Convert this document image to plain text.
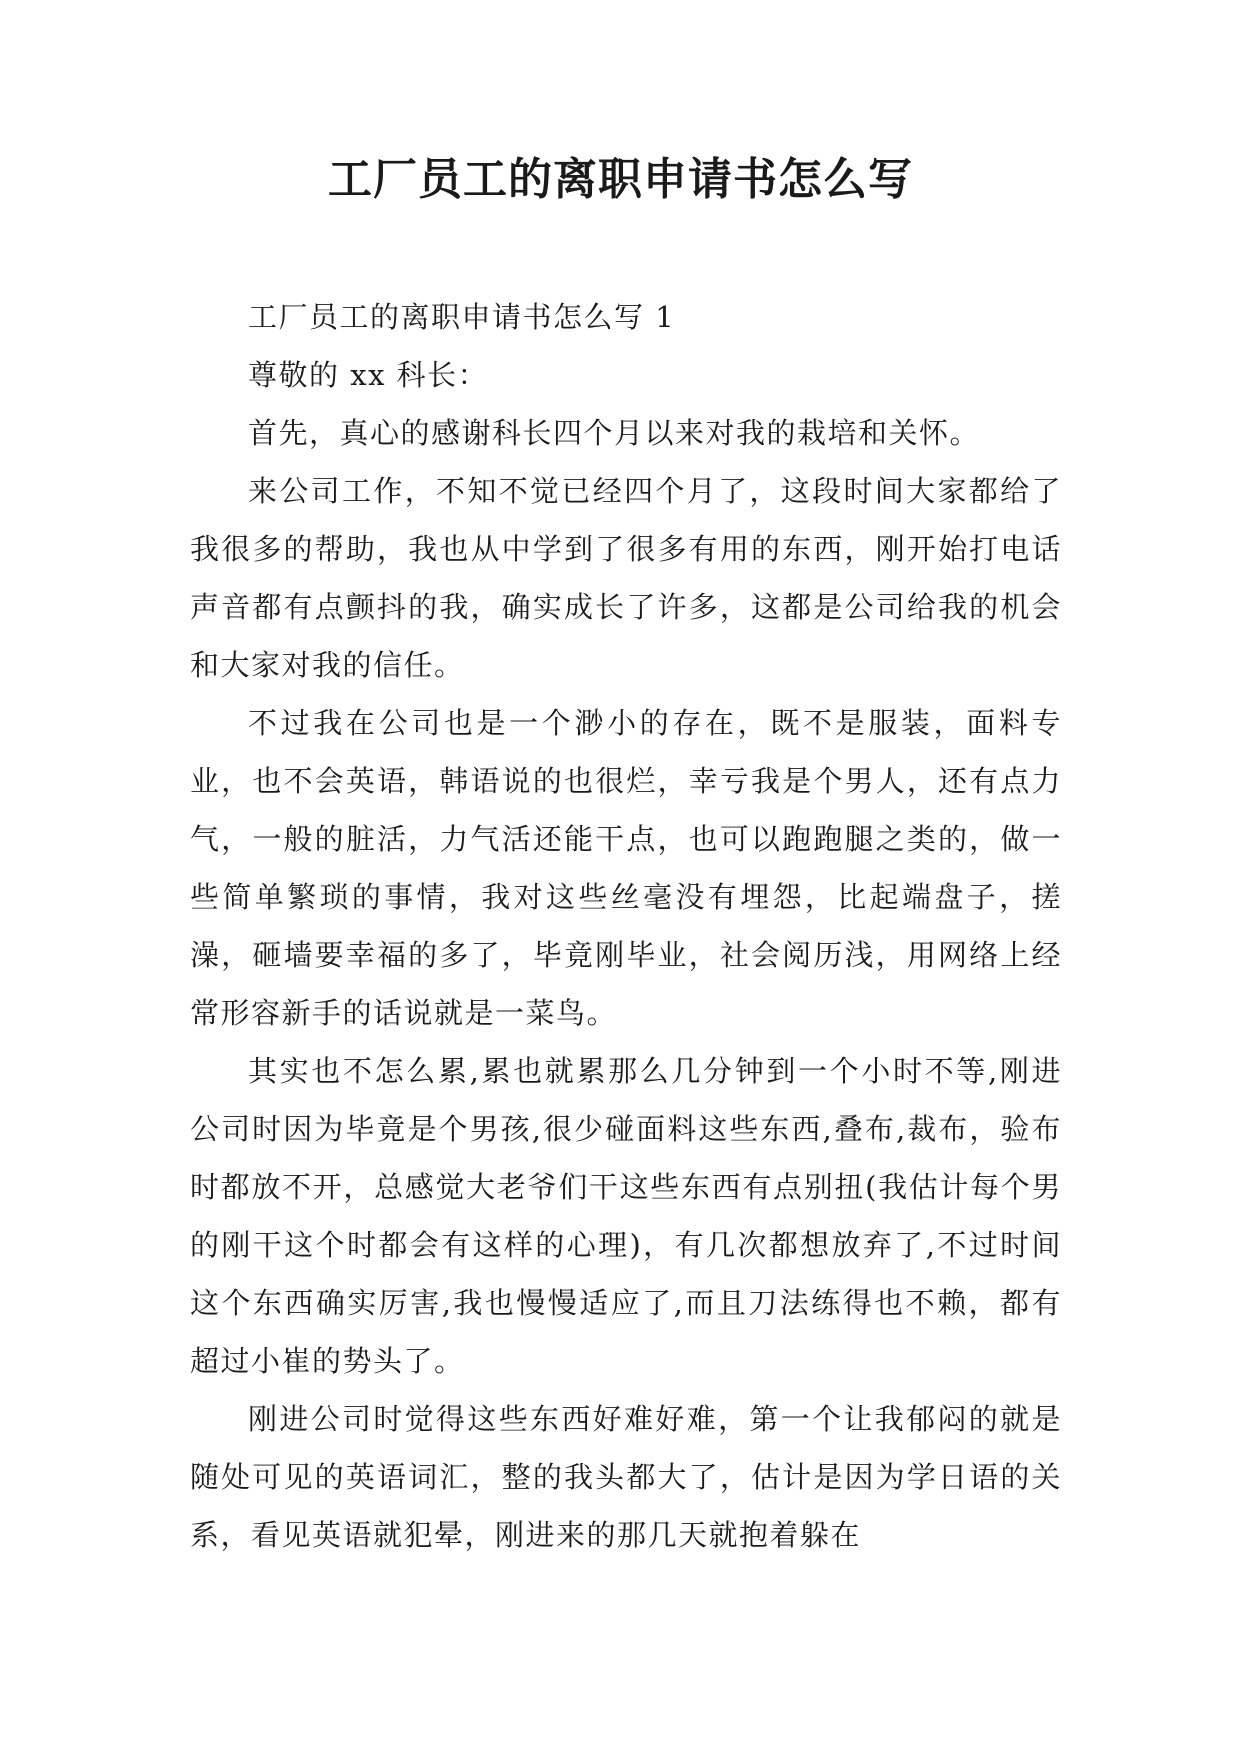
工厂员工的离职申请书怎么写

工厂员工的离职申请书怎么写 1

尊敬的 xx 科长：

首先，真心的感谢科长四个月以来对我的栽培和关怀。

来公司工作，不知不觉已经四个月了，这段时间大家都给了我很多的帮助，我也从中学到了很多有用的东西，刚开始打电话声音都有点颤抖的我，确实成长了许多，这都是公司给我的机会和大家对我的信任。

不过我在公司也是一个渺小的存在，既不是服装，面料专业，也不会英语，韩语说的也很烂，幸亏我是个男人，还有点力气，一般的脏活，力气活还能干点，也可以跑跑腿之类的，做一些简单繁琐的事情，我对这些丝毫没有埋怨，比起端盘子，搓澡，砸墙要幸福的多了，毕竟刚毕业，社会阅历浅，用网络上经常形容新手的话说就是一菜鸟。

其实也不怎么累,累也就累那么几分钟到一个小时不等,刚进公司时因为毕竟是个男孩,很少碰面料这些东西,叠布,裁布，验布时都放不开，总感觉大老爷们干这些东西有点别扭(我估计每个男的刚干这个时都会有这样的心理)，有几次都想放弃了,不过时间这个东西确实厉害,我也慢慢适应了,而且刀法练得也不赖，都有超过小崔的势头了。

刚进公司时觉得这些东西好难好难，第一个让我郁闷的就是随处可见的英语词汇，整的我头都大了，估计是因为学日语的关系，看见英语就犯晕，刚进来的那几天就抱着躲在
